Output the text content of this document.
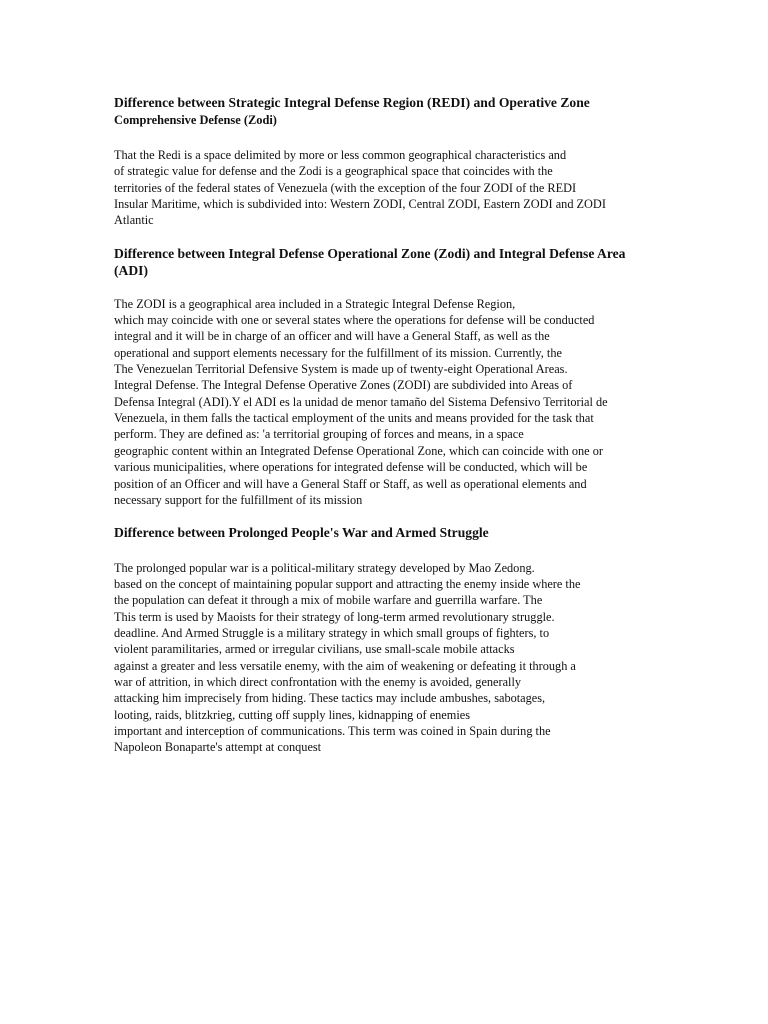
Difference between Strategic Integral Defense Region (REDI) and Operative Zone
Comprehensive Defense (Zodi)

That the Redi is a space delimited by more or less common geographical characteristics and
of strategic value for defense and the Zodi is a geographical space that coincides with the
territories of the federal states of Venezuela (with the exception of the four ZODI of the REDI
Insular Maritime, which is subdivided into: Western ZODI, Central ZODI, Eastern ZODI and ZODI
Atlantic

Difference between Integral Defense Operational Zone (Zodi) and Integral Defense Area
(ADI)

The ZODI is a geographical area included in a Strategic Integral Defense Region,
which may coincide with one or several states where the operations for defense will be conducted
integral and it will be in charge of an officer and will have a General Staff, as well as the
operational and support elements necessary for the fulfillment of its mission. Currently, the
The Venezuelan Territorial Defensive System is made up of twenty-eight Operational Areas.
Integral Defense. The Integral Defense Operative Zones (ZODI) are subdivided into Areas of
Defensa Integral (ADI).Y el ADI es la unidad de menor tamaño del Sistema Defensivo Territorial de
Venezuela, in them falls the tactical employment of the units and means provided for the task that
perform. They are defined as: 'a territorial grouping of forces and means, in a space
geographic content within an Integrated Defense Operational Zone, which can coincide with one or
various municipalities, where operations for integrated defense will be conducted, which will be
position of an Officer and will have a General Staff or Staff, as well as operational elements and
necessary support for the fulfillment of its mission

Difference between Prolonged People's War and Armed Struggle

The prolonged popular war is a political-military strategy developed by Mao Zedong.
based on the concept of maintaining popular support and attracting the enemy inside where the
the population can defeat it through a mix of mobile warfare and guerrilla warfare. The
This term is used by Maoists for their strategy of long-term armed revolutionary struggle.
deadline. And Armed Struggle is a military strategy in which small groups of fighters, to
violent paramilitaries, armed or irregular civilians, use small-scale mobile attacks
against a greater and less versatile enemy, with the aim of weakening or defeating it through a
war of attrition, in which direct confrontation with the enemy is avoided, generally
attacking him imprecisely from hiding. These tactics may include ambushes, sabotages,
looting, raids, blitzkrieg, cutting off supply lines, kidnapping of enemies
important and interception of communications. This term was coined in Spain during the
Napoleon Bonaparte's attempt at conquest
